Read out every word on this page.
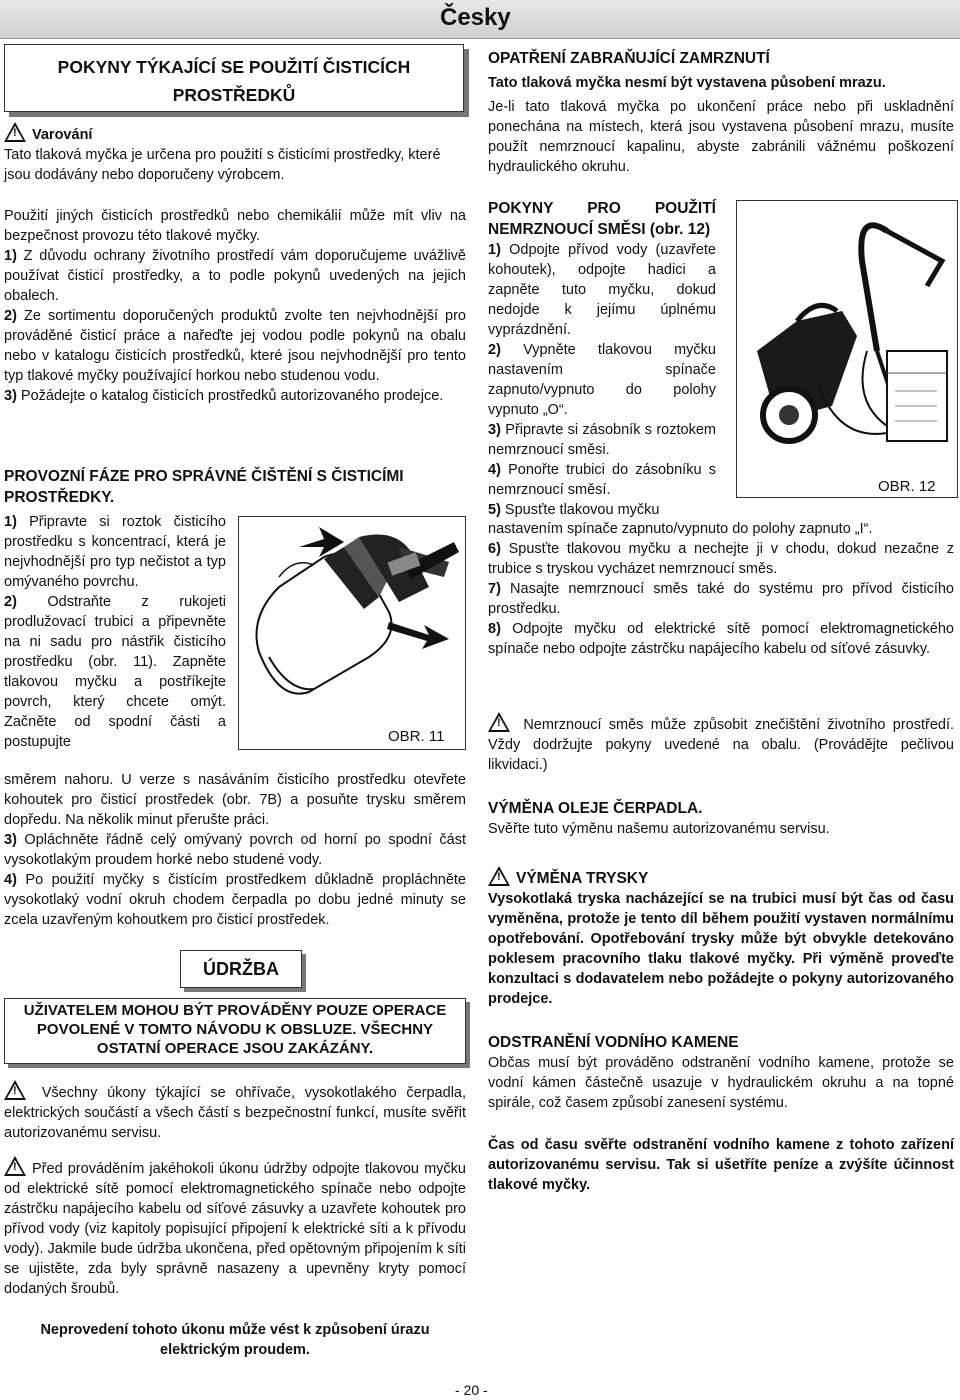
Česky
POKYNY TÝKAJÍCÍ SE POUŽITÍ ČISTICÍCH
PROSTŘEDKŮ

!Varování

Tato tlaková myčka je určena pro použití s čisticími prostředky, které jsou dodávány nebo doporučeny výrobcem.

Použití jiných čisticích prostředků nebo chemikálií může mít vliv na bezpečnost provozu této tlakové myčky.

1) Z důvodu ochrany životního prostředí vám doporučujeme uvážlivě používat čisticí prostředky, a to podle pokynů uvedených na jejich obalech.

2) Ze sortimentu doporučených produktů zvolte ten nejvhodnější pro prováděné čisticí práce a nařeďte jej vodou podle pokynů na obalu nebo v katalogu čisticích prostředků, které jsou nejvhodnější pro tento typ tlakové myčky používající horkou nebo studenou vodu.

3) Požádejte o katalog čisticích prostředků autorizovaného prodejce.

PROVOZNÍ FÁZE PRO SPRÁVNÉ ČIŠTĚNÍ S ČISTICÍMI PROSTŘEDKY.

1) Připravte si roztok čisticího prostředku s koncentrací, která je nejvhodnější pro typ nečistot a typ omývaného povrchu.

2) Odstraňte z rukojeti prodlužovací trubici a připevněte na ni sadu pro nástřik čisticího prostředku (obr. 11). Zapněte tlakovou myčku a postříkejte povrch, který chcete omýt. Začněte od spodní části a postupujte	OBR. 11

směrem nahoru. U verze s nasáváním čisticího prostředku otevřete kohoutek pro čisticí prostředek (obr. 7B) a posuňte trysku směrem dopředu. Na několik minut přerušte práci.

3) Opláchněte řádně celý omývaný povrch od horní po spodní část vysokotlakým proudem horké nebo studené vody.

4) Po použití myčky s čistícím prostředkem důkladně propláchněte vysokotlaký vodní okruh chodem čerpadla po dobu jedné minuty se zcela uzavřeným kohoutkem pro čisticí prostředek.

ÚDRŽBA
UŽIVATELEM MOHOU BÝT PROVÁDĚNY POUZE OPERACE POVOLENÉ V TOMTO NÁVODU K OBSLUZE. VŠECHNY OSTATNÍ OPERACE JSOU ZAKÁZÁNY.

! Všechny úkony týkající se ohřívače, vysokotlakého čerpadla, elektrických součástí a všech částí s bezpečnostní funkcí, musíte svěřit autorizovanému servisu.

!Před prováděním jakéhokoli úkonu údržby odpojte tlakovou myčku od elektrické sítě pomocí elektromagnetického spínače nebo odpojte zástrčku napájecího kabelu od síťové zásuvky a uzavřete kohoutek pro přívod vody (viz kapitoly popisující připojení k elektrické síti a k přívodu vody). Jakmile bude údržba ukončena, před opětovným připojením k síti se ujistěte, zda byly správně nasazeny a upevněny kryty pomocí dodaných šroubů.

Neprovedení tohoto úkonu může vést k způsobení úrazu elektrickým proudem.

OPATŘENÍ ZABRAŇUJÍCÍ ZAMRZNUTÍ

Tato tlaková myčka nesmí být vystavena působení mrazu.

Je-li tato tlaková myčka po ukončení práce nebo při uskladnění ponechána na místech, která jsou vystavena působení mrazu, musíte použít nemrznoucí kapalinu, abyste zabránili vážnému poškození hydraulického okruhu.

POKYNY PRO POUŽITÍ NEMRZNOUCÍ SMĚSI (obr. 12)

1) Odpojte přívod vody (uzavřete kohoutek), odpojte hadici a zapněte tuto myčku, dokud nedojde k jejímu úplnému vyprázdnění.

2) Vypněte tlakovou myčku nastavením spínače zapnuto/vypnuto do polohy vypnuto „O“.

3) Připravte si zásobník s roztokem nemrznoucí směsi.

4) Ponořte trubici do zásobníku s nemrznoucí směsí.

5) Spusťte tlakovou myčku

OBR. 12

nastavením spínače zapnuto/vypnuto do polohy zapnuto „I“.

6) Spusťte tlakovou myčku a nechejte ji v chodu, dokud nezačne z trubice s tryskou vycházet nemrznoucí směs.

7) Nasajte nemrznoucí směs také do systému pro přívod čisticího prostředku.

8) Odpojte myčku od elektrické sítě pomocí elektromagnetického spínače nebo odpojte zástrčku napájecího kabelu od síťové zásuvky.

! Nemrznoucí směs může způsobit znečištění životního prostředí. Vždy dodržujte pokyny uvedené na obalu. (Provádějte pečlivou likvidaci.)

VÝMĚNA OLEJE ČERPADLA.

Svěřte tuto výměnu našemu autorizovanému servisu.

!VÝMĚNA TRYSKY

Vysokotlaká tryska nacházející se na trubici musí být čas od času vyměněna, protože je tento díl během použití vystaven normálnímu opotřebování. Opotřebování trysky může být obvykle detekováno poklesem pracovního tlaku tlakové myčky. Při výměně proveďte konzultaci s dodavatelem nebo požádejte o pokyny autorizovaného prodejce.

ODSTRANĚNÍ VODNÍHO KAMENE

Občas musí být prováděno odstranění vodního kamene, protože se vodní kámen částečně usazuje v hydraulickém okruhu a na topné spirále, což časem způsobí zanesení systému.

Čas od času svěřte odstranění vodního kamene z tohoto zařízení autorizovanému servisu. Tak si ušetříte peníze a zvýšíte účinnost tlakové myčky.

- 20 -
